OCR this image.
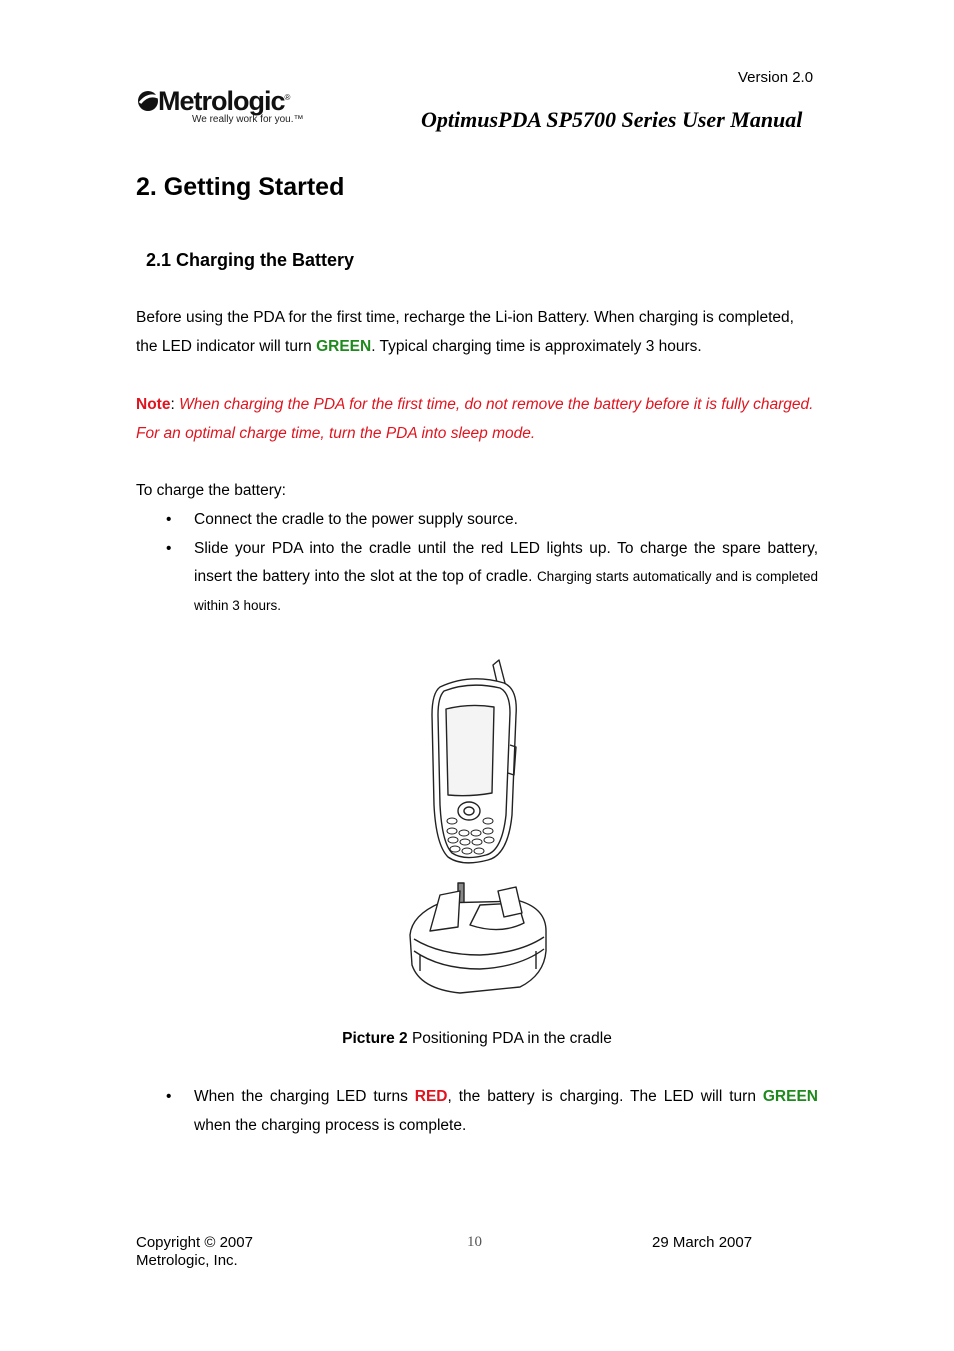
Version 2.0
Metrologic®
We really work for you.™	OptimusPDA SP5700 Series User Manual
2. Getting Started
2.1 Charging the Battery
Before using the PDA for the first time, recharge the Li-ion Battery. When charging is completed, the LED indicator will turn GREEN. Typical charging time is approximately 3 hours.
Note: When charging the PDA for the first time, do not remove the battery before it is fully charged. For an optimal charge time, turn the PDA into sleep mode.
To charge the battery:
• Connect the cradle to the power supply source.
• Slide your PDA into the cradle until the red LED lights up. To charge the spare battery, insert the battery into the slot at the top of cradle. Charging starts automatically and is completed within 3 hours.
Picture 2 Positioning PDA in the cradle
• When the charging LED turns RED, the battery is charging. The LED will turn GREEN when the charging process is complete.
Copyright © 2007
Metrologic, Inc.
10	29 March 2007
